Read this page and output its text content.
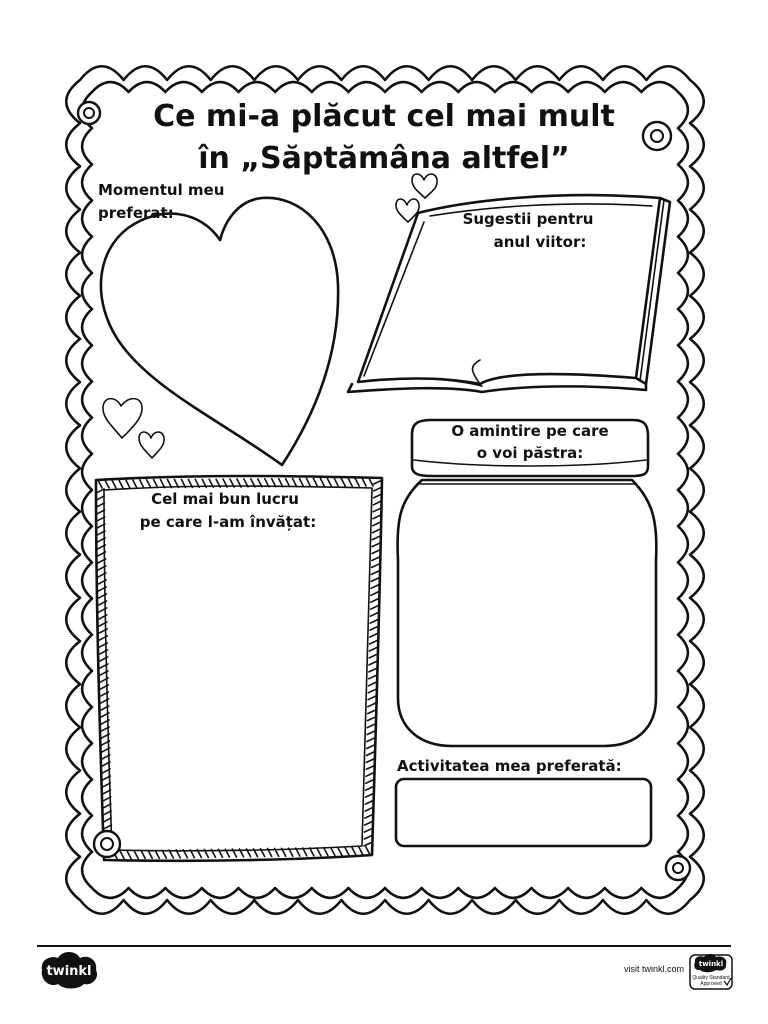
Ce mi-a plăcut cel mai mult
în „Săptămâna altfel”
Momentul meu
preferat:	Sugestii pentru
anul viitor:
O amintire pe care
o voi păstra:
Activitatea mea preferată:
Cel mai bun lucru
pe care l-am învățat:
twinkl	visit twinkl.com twinkl
Quality Standard
Approved
